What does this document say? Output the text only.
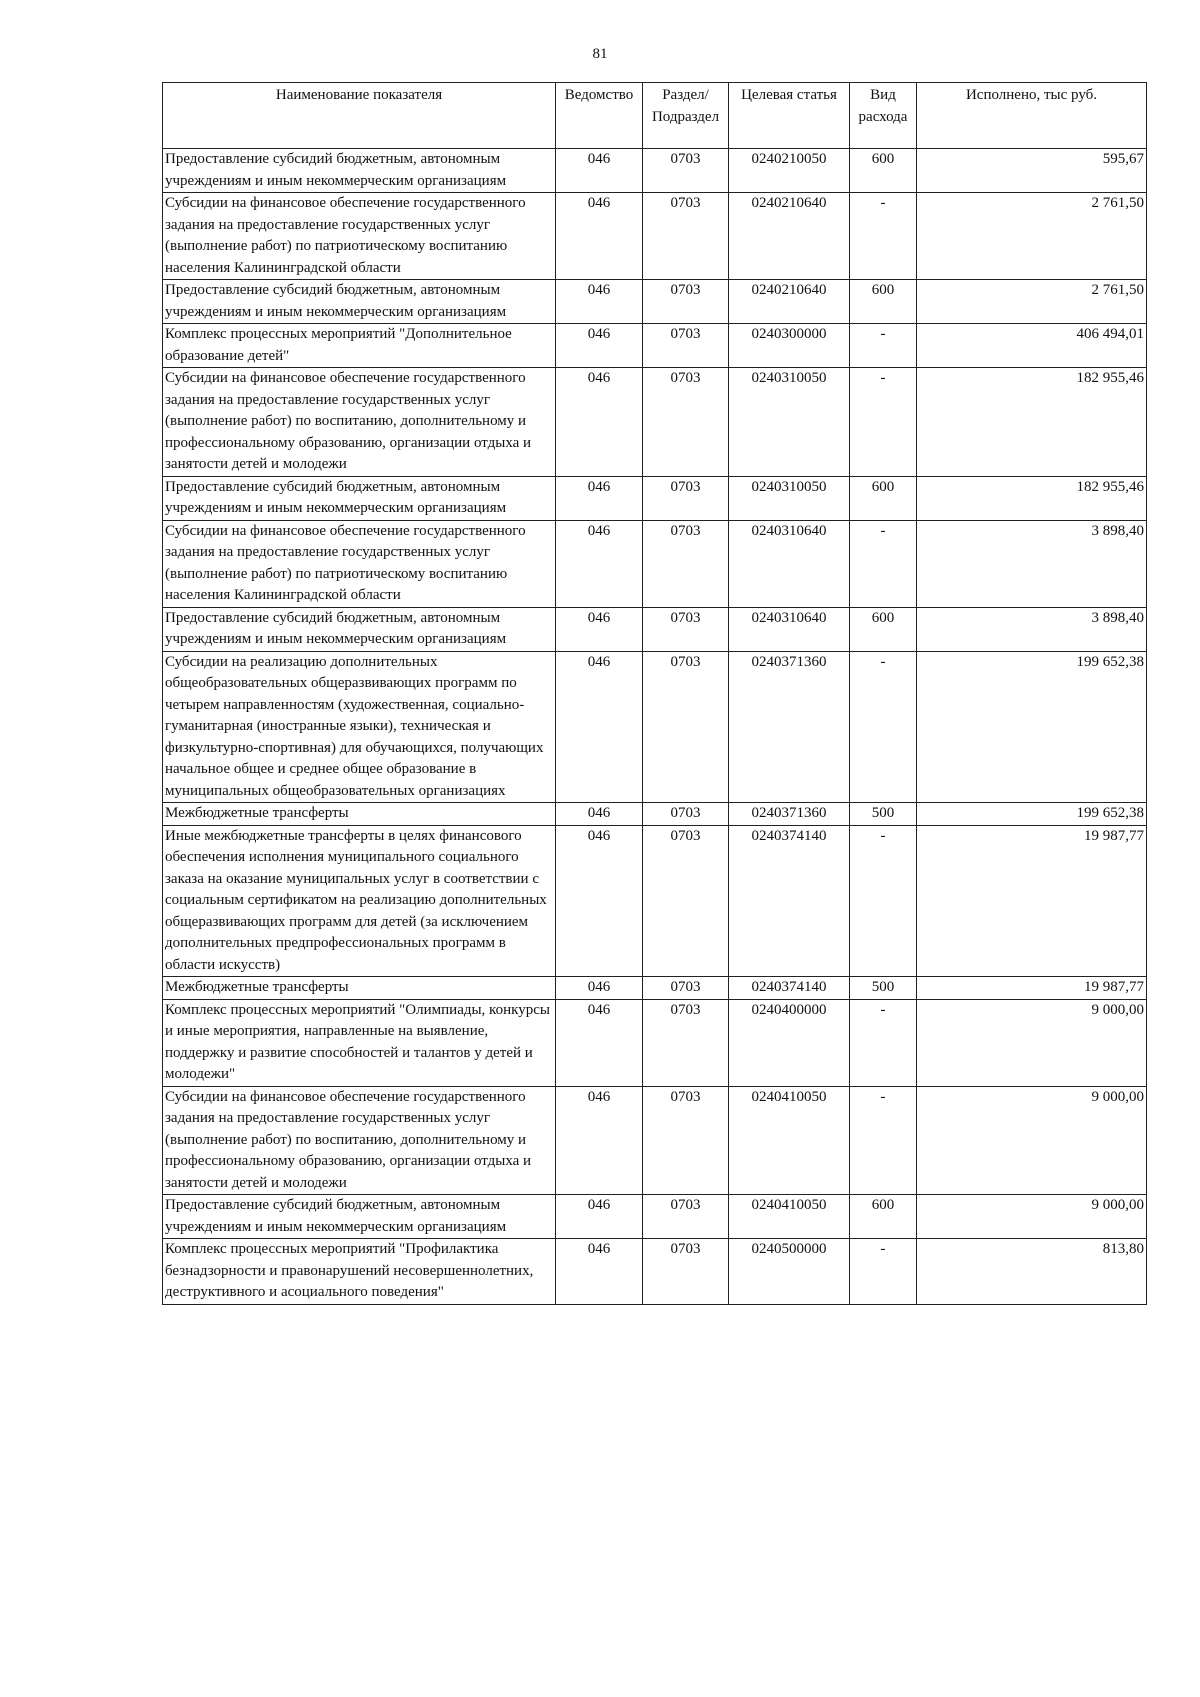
81
Наименование показателя	Ведомство	Раздел/ Подраздел	Целевая статья	Вид расхода	Исполнено, тыс руб.
Предоставление субсидий бюджетным, автономным учреждениям и иным некоммерческим организациям	046	0703	0240210050	600	595,67
Субсидии на финансовое обеспечение государственного задания на предоставление государственных услуг (выполнение работ) по патриотическому воспитанию населения Калининградской области	046	0703	0240210640	-	2 761,50
Предоставление субсидий бюджетным, автономным учреждениям и иным некоммерческим организациям	046	0703	0240210640	600	2 761,50
Комплекс процессных мероприятий "Дополнительное образование детей"	046	0703	0240300000	-	406 494,01
Субсидии на финансовое обеспечение государственного задания на предоставление государственных услуг (выполнение работ) по воспитанию, дополнительному и профессиональному образованию, организации отдыха и занятости детей и молодежи	046	0703	0240310050	-	182 955,46
Предоставление субсидий бюджетным, автономным учреждениям и иным некоммерческим организациям	046	0703	0240310050	600	182 955,46
Субсидии на финансовое обеспечение государственного задания на предоставление государственных услуг (выполнение работ) по патриотическому воспитанию населения Калининградской области	046	0703	0240310640	-	3 898,40
Предоставление субсидий бюджетным, автономным учреждениям и иным некоммерческим организациям	046	0703	0240310640	600	3 898,40
Субсидии на реализацию дополнительных общеобразовательных общеразвивающих программ по четырем направленностям (художественная, социально-гуманитарная (иностранные языки), техническая и физкультурно-спортивная) для обучающихся, получающих начальное общее и среднее общее образование в муниципальных общеобразовательных организациях	046	0703	0240371360	-	199 652,38
Межбюджетные трансферты	046	0703	0240371360	500	199 652,38
Иные межбюджетные трансферты в целях финансового обеспечения исполнения муниципального социального заказа на оказание муниципальных услуг в соответствии с социальным сертификатом на реализацию дополнительных общеразвивающих программ для детей (за исключением дополнительных предпрофессиональных программ в области искусств)	046	0703	0240374140	-	19 987,77
Межбюджетные трансферты	046	0703	0240374140	500	19 987,77
Комплекс процессных мероприятий "Олимпиады, конкурсы и иные мероприятия, направленные на выявление, поддержку и развитие способностей и талантов у детей и молодежи"	046	0703	0240400000	-	9 000,00
Субсидии на финансовое обеспечение государственного задания на предоставление государственных услуг (выполнение работ) по воспитанию, дополнительному и профессиональному образованию, организации отдыха и занятости детей и молодежи	046	0703	0240410050	-	9 000,00
Предоставление субсидий бюджетным, автономным учреждениям и иным некоммерческим организациям	046	0703	0240410050	600	9 000,00
Комплекс процессных мероприятий "Профилактика безнадзорности и правонарушений несовершеннолетних, деструктивного и асоциального поведения"	046	0703	0240500000	-	813,80
